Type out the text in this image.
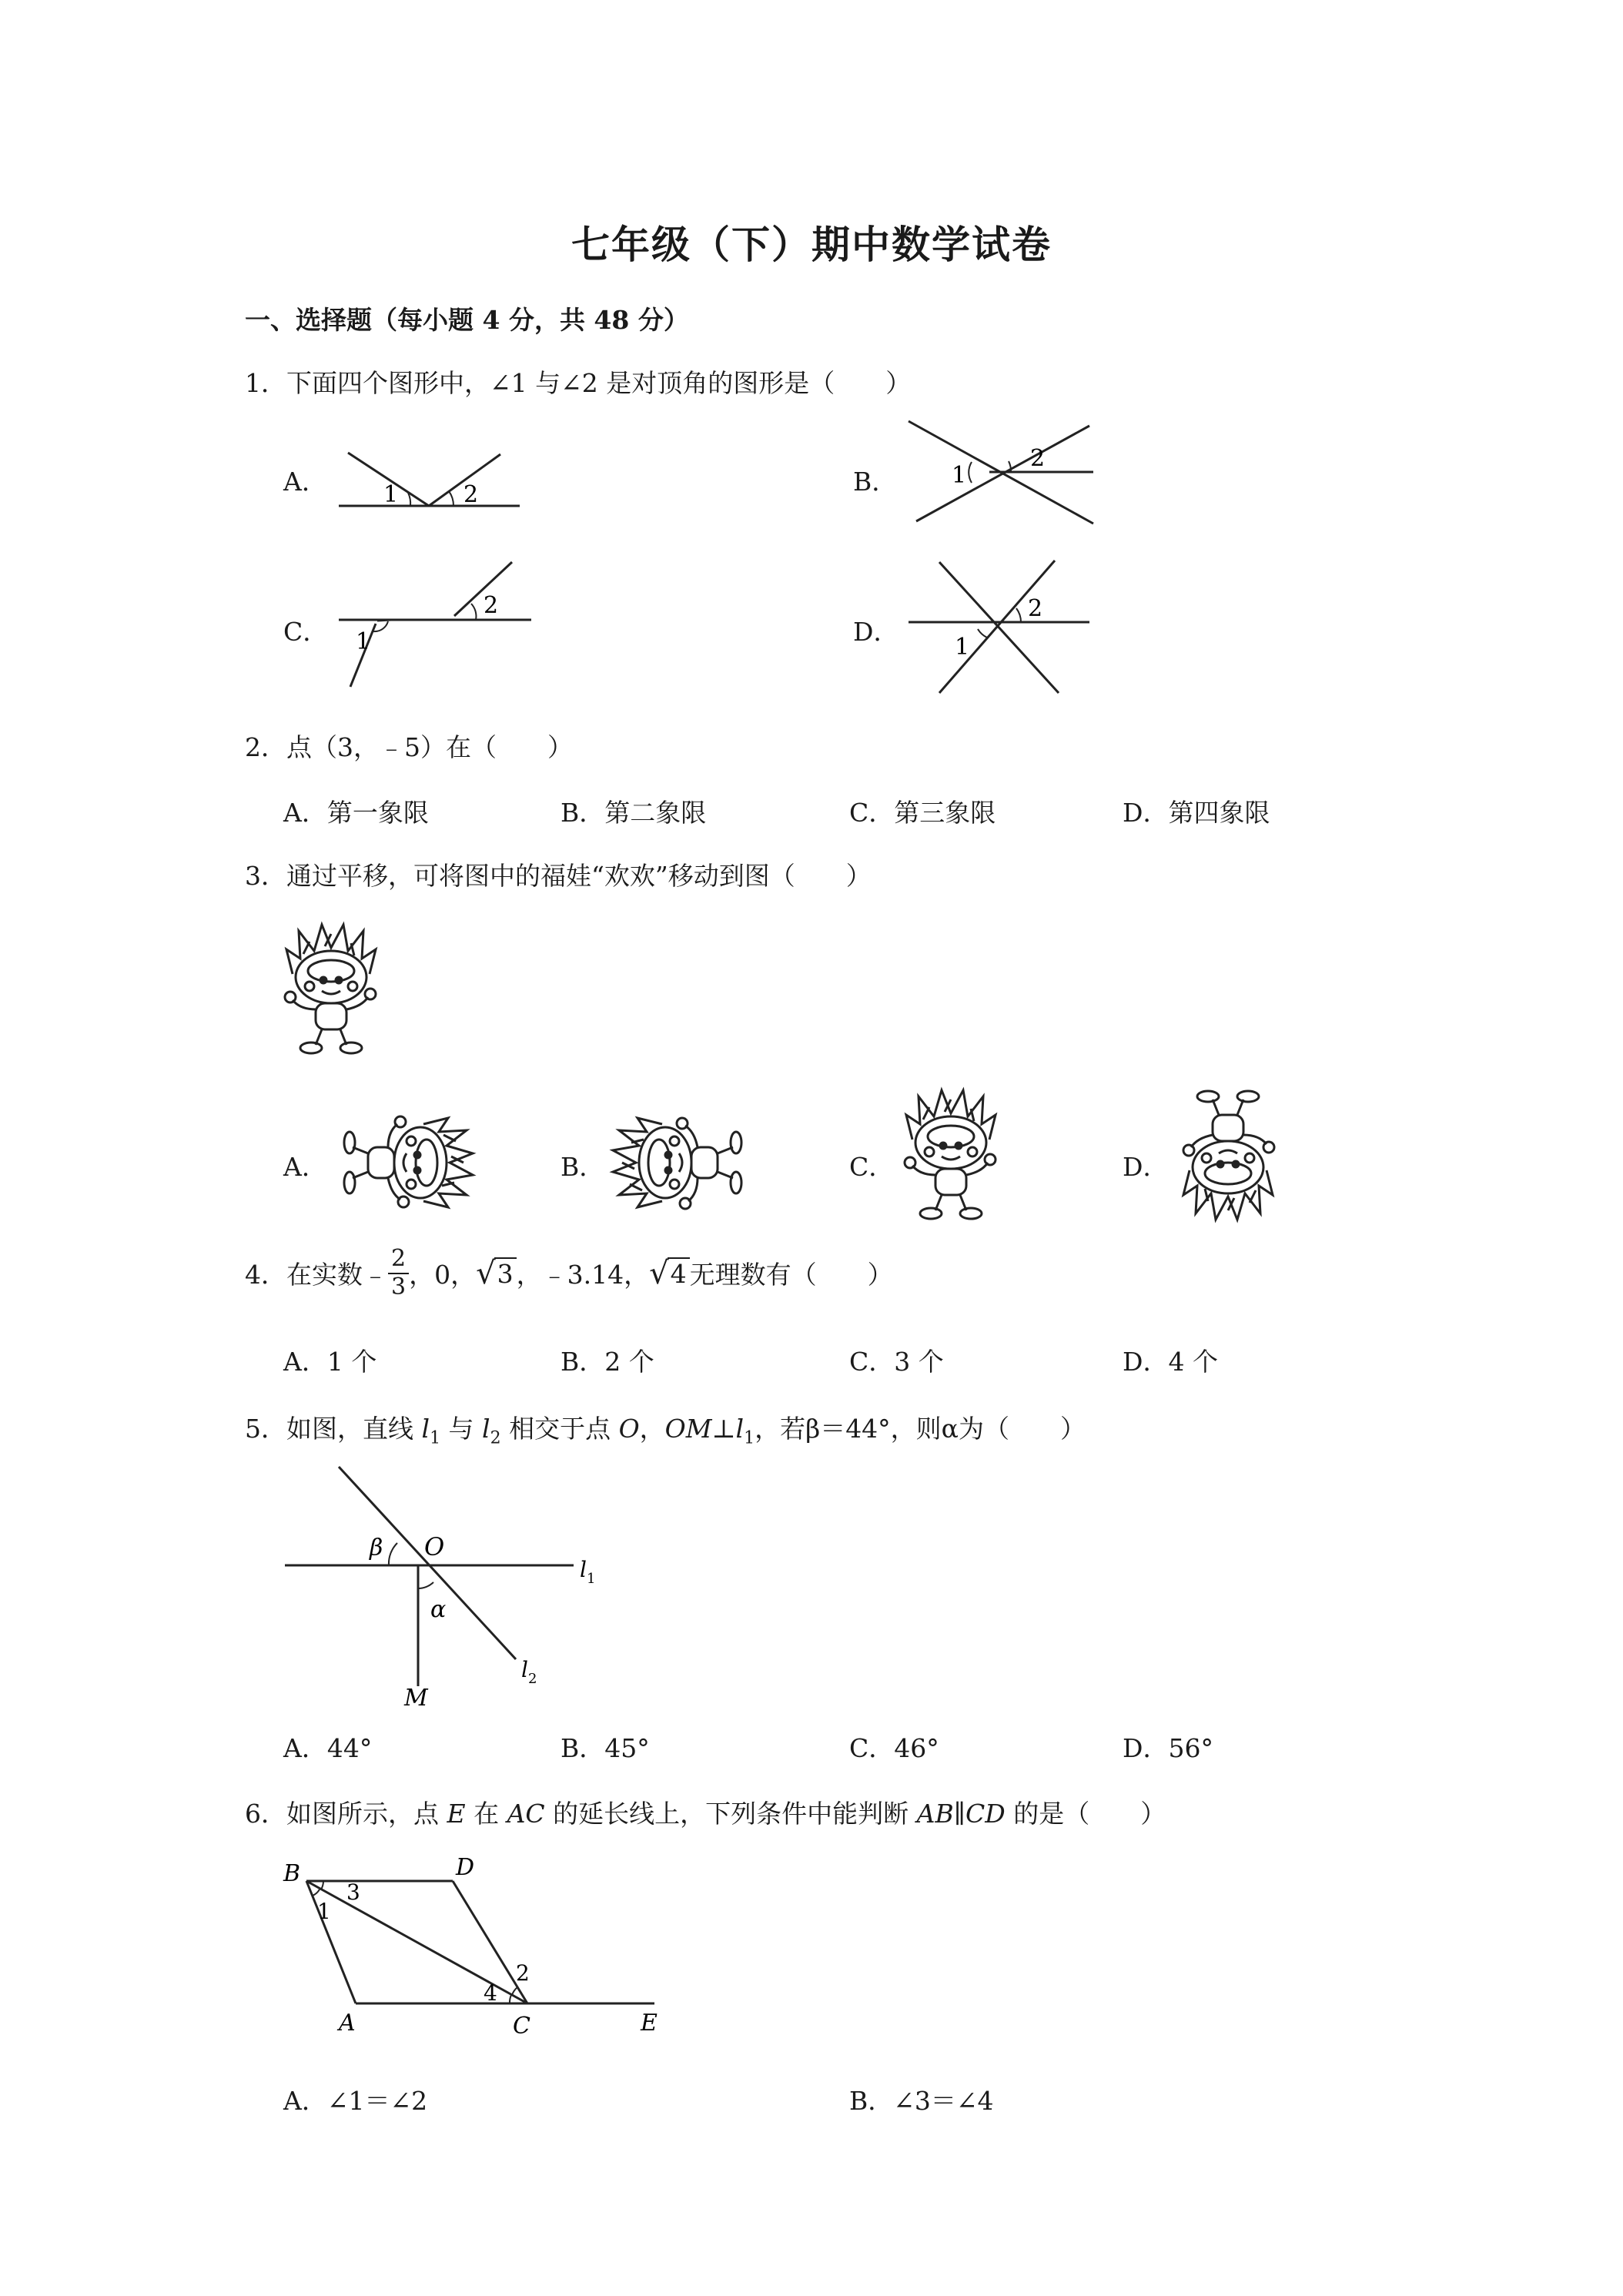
七年级（下）期中数学试卷
一、选择题（每小题 4 分，共 48 分）
1．下面四个图形中，∠1 与∠2 是对顶角的图形是（　　）
A． 1	2	B． 1
2
C． 1
2
D．
1
2
2．点（3，﹣5）在（　　）
A．第一象限	B．第二象限	C．第三象限	D．第四象限
3．通过平移，可将图中的福娃“欢欢”移动到图（　　）
A．	B．	C．	D．
4．在实数﹣ $\frac{2}{3}$ ，0， √ 3 ，﹣3.14， √ 4 无理数有（　　）
A．1 个	B．2 个	C．3 个	D．4 个
5．如图，直线 $l_1$ 与 $l_2$ 相交于点 O，$OM\perp l_1$，若β＝44°，则α为（　　）
β O
α
M
l 1
l 2
A．44°	B．45°	C．46°	D．56°
6．如图所示，点 E 在 AC 的延长线上，下列条件中能判断 AB∥CD 的是（　　）
B	D
A	C	E
1
2
3
4
A．∠1＝∠2	B．∠3＝∠4
